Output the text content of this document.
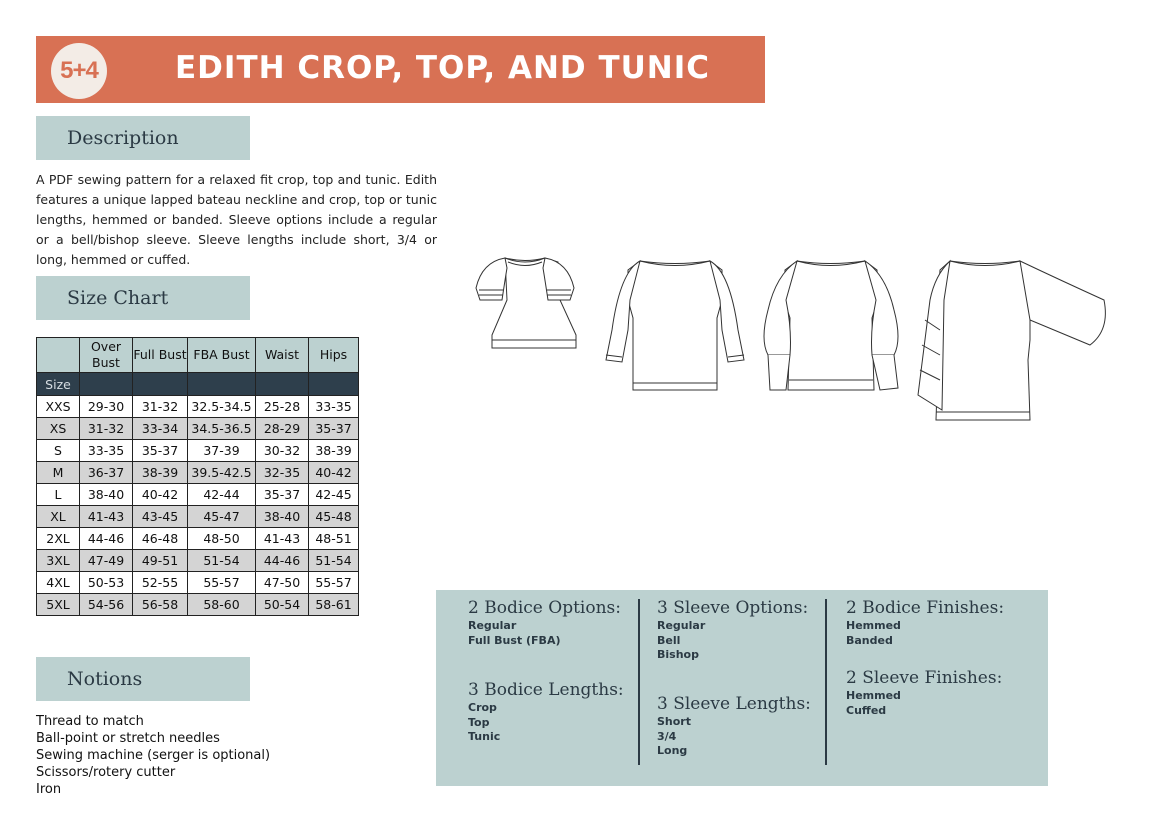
5+4 EDITH CROP, TOP, AND TUNIC
Description
A PDF sewing pattern for a relaxed fit crop, top and tunic. Edith features a unique lapped bateau neckline and crop, top or tunic lengths, hemmed or banded. Sleeve options include a regular or a bell/bishop sleeve. Sleeve lengths include short, 3/4 or long, hemmed or cuffed.
Size Chart
	Over Bust	Full Bust	FBA Bust	Waist	Hips
Size					
XXS	29-30	31-32	32.5-34.5	25-28	33-35
XS	31-32	33-34	34.5-36.5	28-29	35-37
S	33-35	35-37	37-39	30-32	38-39
M	36-37	38-39	39.5-42.5	32-35	40-42
L	38-40	40-42	42-44	35-37	42-45
XL	41-43	43-45	45-47	38-40	45-48
2XL	44-46	46-48	48-50	41-43	48-51
3XL	47-49	49-51	51-54	44-46	51-54
4XL	50-53	52-55	55-57	47-50	55-57
5XL	54-56	56-58	58-60	50-54	58-61
Notions
Thread to match
Ball-point or stretch needles
Sewing machine (serger is optional)
Scissors/rotery cutter
Iron
2 Bodice Options:
Regular
Full Bust (FBA)
3 Bodice Lengths:
Crop
Top
Tunic
3 Sleeve Options:
Regular
Bell
Bishop
3 Sleeve Lengths:
Short
3/4
Long
2 Bodice Finishes:
Hemmed
Banded
2 Sleeve Finishes:
Hemmed
Cuffed
